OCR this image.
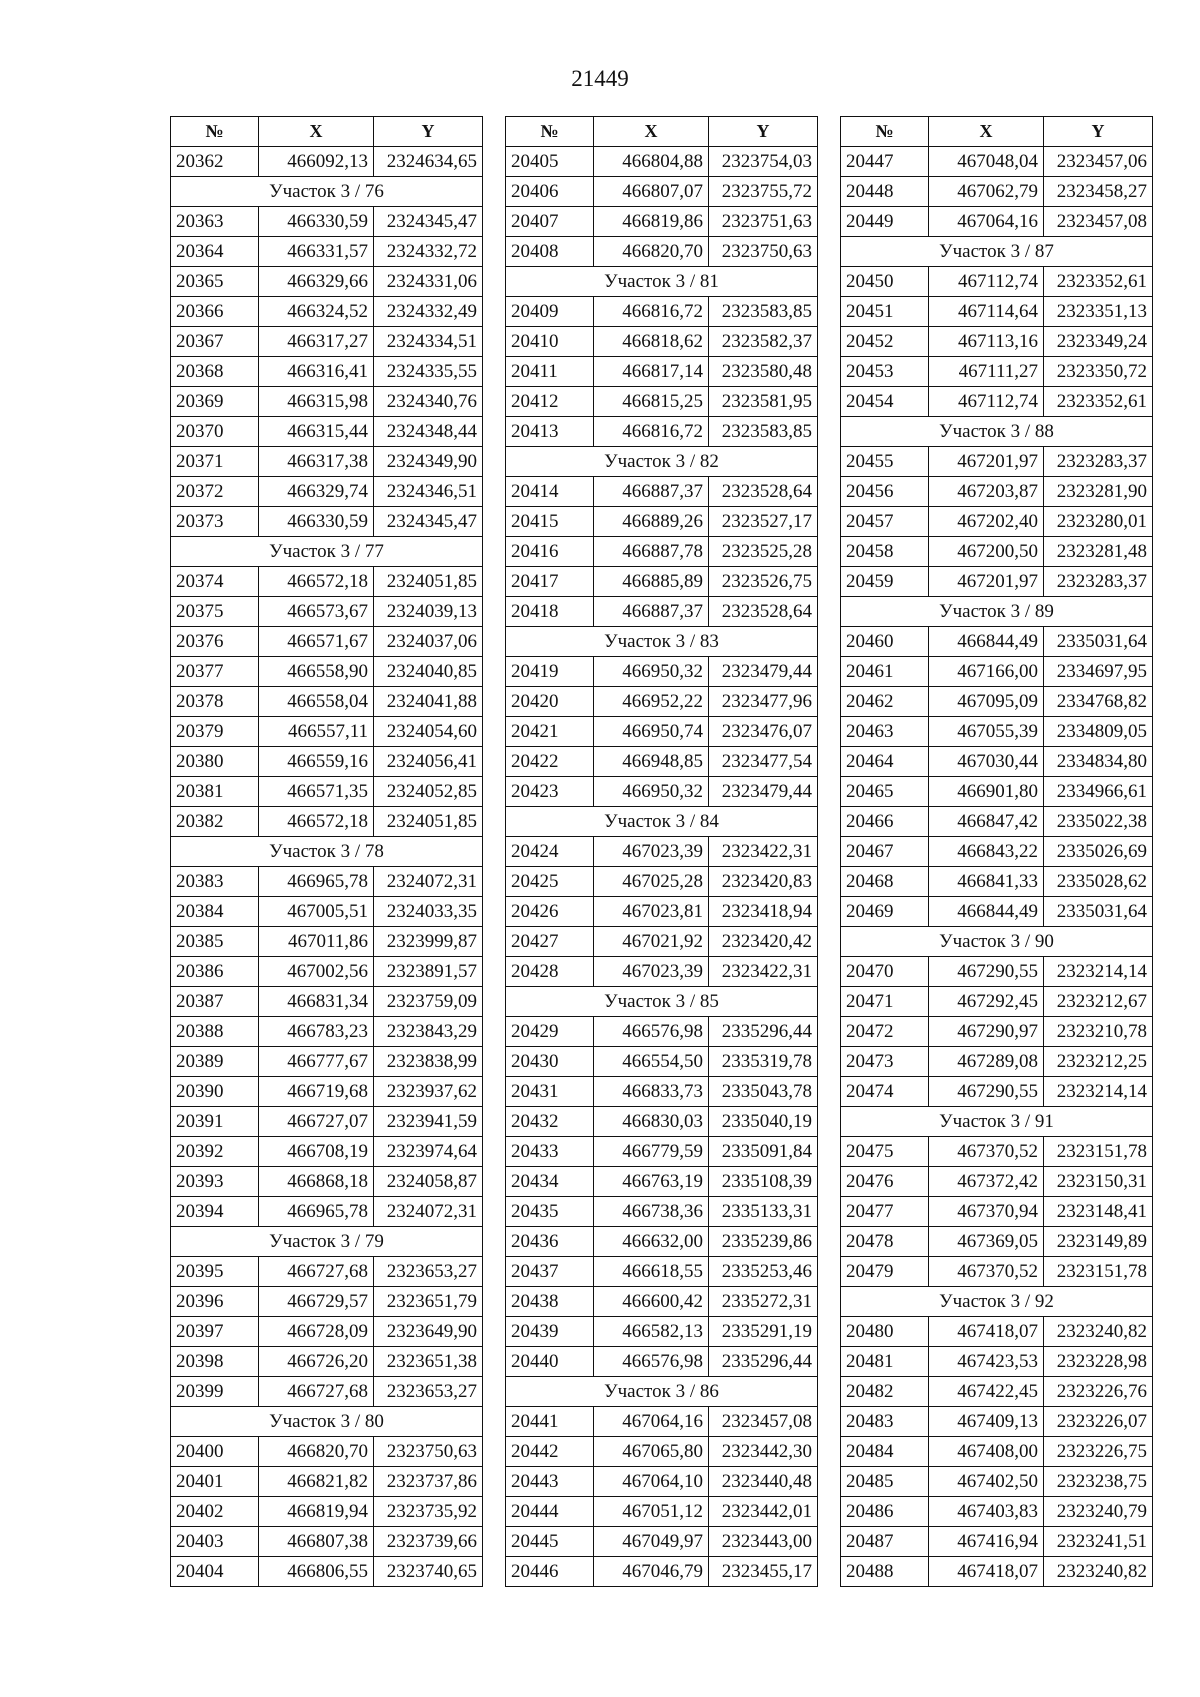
21449
№	X	Y
20362	466092,13	2324634,65
Участок 3 / 76		
20363	466330,59	2324345,47
20364	466331,57	2324332,72
20365	466329,66	2324331,06
20366	466324,52	2324332,49
20367	466317,27	2324334,51
20368	466316,41	2324335,55
20369	466315,98	2324340,76
20370	466315,44	2324348,44
20371	466317,38	2324349,90
20372	466329,74	2324346,51
20373	466330,59	2324345,47
Участок 3 / 77		
20374	466572,18	2324051,85
20375	466573,67	2324039,13
20376	466571,67	2324037,06
20377	466558,90	2324040,85
20378	466558,04	2324041,88
20379	466557,11	2324054,60
20380	466559,16	2324056,41
20381	466571,35	2324052,85
20382	466572,18	2324051,85
Участок 3 / 78		
20383	466965,78	2324072,31
20384	467005,51	2324033,35
20385	467011,86	2323999,87
20386	467002,56	2323891,57
20387	466831,34	2323759,09
20388	466783,23	2323843,29
20389	466777,67	2323838,99
20390	466719,68	2323937,62
20391	466727,07	2323941,59
20392	466708,19	2323974,64
20393	466868,18	2324058,87
20394	466965,78	2324072,31
Участок 3 / 79		
20395	466727,68	2323653,27
20396	466729,57	2323651,79
20397	466728,09	2323649,90
20398	466726,20	2323651,38
20399	466727,68	2323653,27
Участок 3 / 80		
20400	466820,70	2323750,63
20401	466821,82	2323737,86
20402	466819,94	2323735,92
20403	466807,38	2323739,66
20404	466806,55	2323740,65
№	X	Y
20405	466804,88	2323754,03
20406	466807,07	2323755,72
20407	466819,86	2323751,63
20408	466820,70	2323750,63
Участок 3 / 81		
20409	466816,72	2323583,85
20410	466818,62	2323582,37
20411	466817,14	2323580,48
20412	466815,25	2323581,95
20413	466816,72	2323583,85
Участок 3 / 82		
20414	466887,37	2323528,64
20415	466889,26	2323527,17
20416	466887,78	2323525,28
20417	466885,89	2323526,75
20418	466887,37	2323528,64
Участок 3 / 83		
20419	466950,32	2323479,44
20420	466952,22	2323477,96
20421	466950,74	2323476,07
20422	466948,85	2323477,54
20423	466950,32	2323479,44
Участок 3 / 84		
20424	467023,39	2323422,31
20425	467025,28	2323420,83
20426	467023,81	2323418,94
20427	467021,92	2323420,42
20428	467023,39	2323422,31
Участок 3 / 85		
20429	466576,98	2335296,44
20430	466554,50	2335319,78
20431	466833,73	2335043,78
20432	466830,03	2335040,19
20433	466779,59	2335091,84
20434	466763,19	2335108,39
20435	466738,36	2335133,31
20436	466632,00	2335239,86
20437	466618,55	2335253,46
20438	466600,42	2335272,31
20439	466582,13	2335291,19
20440	466576,98	2335296,44
Участок 3 / 86		
20441	467064,16	2323457,08
20442	467065,80	2323442,30
20443	467064,10	2323440,48
20444	467051,12	2323442,01
20445	467049,97	2323443,00
20446	467046,79	2323455,17
№	X	Y
20447	467048,04	2323457,06
20448	467062,79	2323458,27
20449	467064,16	2323457,08
Участок 3 / 87		
20450	467112,74	2323352,61
20451	467114,64	2323351,13
20452	467113,16	2323349,24
20453	467111,27	2323350,72
20454	467112,74	2323352,61
Участок 3 / 88		
20455	467201,97	2323283,37
20456	467203,87	2323281,90
20457	467202,40	2323280,01
20458	467200,50	2323281,48
20459	467201,97	2323283,37
Участок 3 / 89		
20460	466844,49	2335031,64
20461	467166,00	2334697,95
20462	467095,09	2334768,82
20463	467055,39	2334809,05
20464	467030,44	2334834,80
20465	466901,80	2334966,61
20466	466847,42	2335022,38
20467	466843,22	2335026,69
20468	466841,33	2335028,62
20469	466844,49	2335031,64
Участок 3 / 90		
20470	467290,55	2323214,14
20471	467292,45	2323212,67
20472	467290,97	2323210,78
20473	467289,08	2323212,25
20474	467290,55	2323214,14
Участок 3 / 91		
20475	467370,52	2323151,78
20476	467372,42	2323150,31
20477	467370,94	2323148,41
20478	467369,05	2323149,89
20479	467370,52	2323151,78
Участок 3 / 92		
20480	467418,07	2323240,82
20481	467423,53	2323228,98
20482	467422,45	2323226,76
20483	467409,13	2323226,07
20484	467408,00	2323226,75
20485	467402,50	2323238,75
20486	467403,83	2323240,79
20487	467416,94	2323241,51
20488	467418,07	2323240,82
